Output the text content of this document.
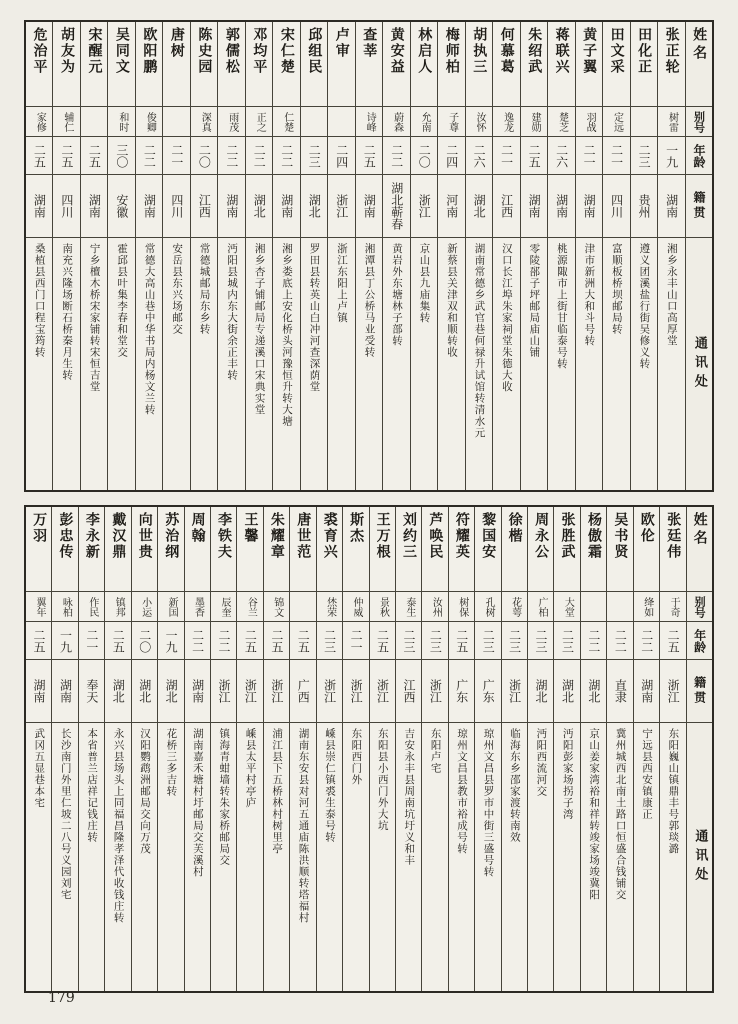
姓名
别号
年龄
籍贯
通讯处
张正轮
树雷
一九
湖南
湘乡永丰山口高厚堂
田化正
二三
贵州
遵义团溪盐行街吴修义转
田文采
定远
二一
四川
富顺板桥坝邮局转
黄子翼
羽战
二一
湖南
津市新洲大和斗号转
蒋联兴
楚芝
二六
湖南
桃源陬市上街甘临泰号转
朱绍武
建勋
二五
湖南
零陵郚子坪邮局庙山铺
何慕葛
逸龙
二一
江西
汉口长江埠朱家祠堂朱德大收
胡执三
汝怀
二六
湖北
湖南常德乡武官巷何禄升试馆转清水元
梅师柏
子尊
二四
河南
新蔡县关津双和顺转收
林启人
允南
二〇
浙江
京山县九庙集转
黄安益
蔚森
二二
湖北蕲春
黄岩外东塘林子部转
查莘
诗峰
二五
湖南
湘潭县丁公桥马业受转
卢审
二四
浙江
浙江东阳上卢镇
邱组民
二三
湖北
罗田县转英山白冲河查深荫堂
宋仁楚
仁楚
二二
湖南
湘乡娄底上安化桥头河豫恒升转大塘
邓均平
正之
二二
湖北
湘乡杏子铺邮局专递溪口宋典实堂
郭儒松
雨茂
二二
湖南
沔阳县城内东大街余正丰转
陈史园
深真
二〇
江西
常德城邮局东乡转
唐树
二一
四川
安岳县东兴场邮交
欧阳鹏
俊卿
二二
湖南
常德大高山巷中华书局内杨文兰转
吴同文
和时
三〇
安徽
霍邱县叶集李春和堂交
宋醒元
二五
湖南
宁乡檀木桥宋家铺转宋恒吉堂
胡友为
辅仁
二五
四川
南充兴隆场断石桥秦月生转
危治平
家修
二五
湖南
桑植县西门口程宝筠转
姓名
别号
年龄
籍贯
通讯处
张廷伟
于奇
二五
浙江
东阳巍山镇鼎丰号郭琰潞
欧伦
绛如
二二
湖南
宁远县西安镇康正
吴书贤
二二
直隶
冀州城西北南土路口恒盛合钱铺交
杨傲霜
二二
湖北
京山姜家湾裕和祥转竣家场竣冀阳
张胜武
大堂
二三
湖北
沔阳彭家场拐子湾
周永公
广柏
二三
湖北
沔阳西流河交
徐楷
花萼
二三
浙江
临海东乡邵家渡转南效
黎国安
孔树
二三
广东
琼州文昌县罗市中街三盛号转
符耀英
树保
二五
广东
琼州文昌县教市裕成号转
芦唤民
汝州
二三
浙江
东阳卢宅
刘约三
泰生
二三
江西
吉安永丰县周南坑圩义和丰
王万根
景秋
二五
浙江
东阳县小西门外大坑
斯杰
仲威
二一
浙江
东阳西门外
裘育兴
烋荣
二三
浙江
嵊县崇仁镇裘生泰号转
唐世范
二五
广西
湖南东安县对河五通庙陈洪顺转塔福村
朱耀章
锦文
二五
浙江
浦江县下五桥林村树里亭
王馨
谷兰
二五
浙江
嵊县太平村亭庐
李铁夫
辰奎
二二
浙江
镇海青蚶墙转朱家桥邮局交
周翰
墨香
二二
湖南
湖南嘉禾塘村圩邮局交芙溪村
苏治纲
新国
一九
湖北
花桥三多吉转
向世贵
小运
二〇
湖北
汉阳鹦鹉洲邮局交向万茂
戴汉鼎
镇邦
二五
湖北
永兴县场头上同福昌隆孝泽代收钱庄转
李永新
作民
二一
奉天
本省普兰店祥记钱庄转
彭忠传
咏柏
一九
湖南
长沙南门外里仁坡二八号义园刘宅
万羽
翼年
二五
湖南
武冈五显巷本宅
179
